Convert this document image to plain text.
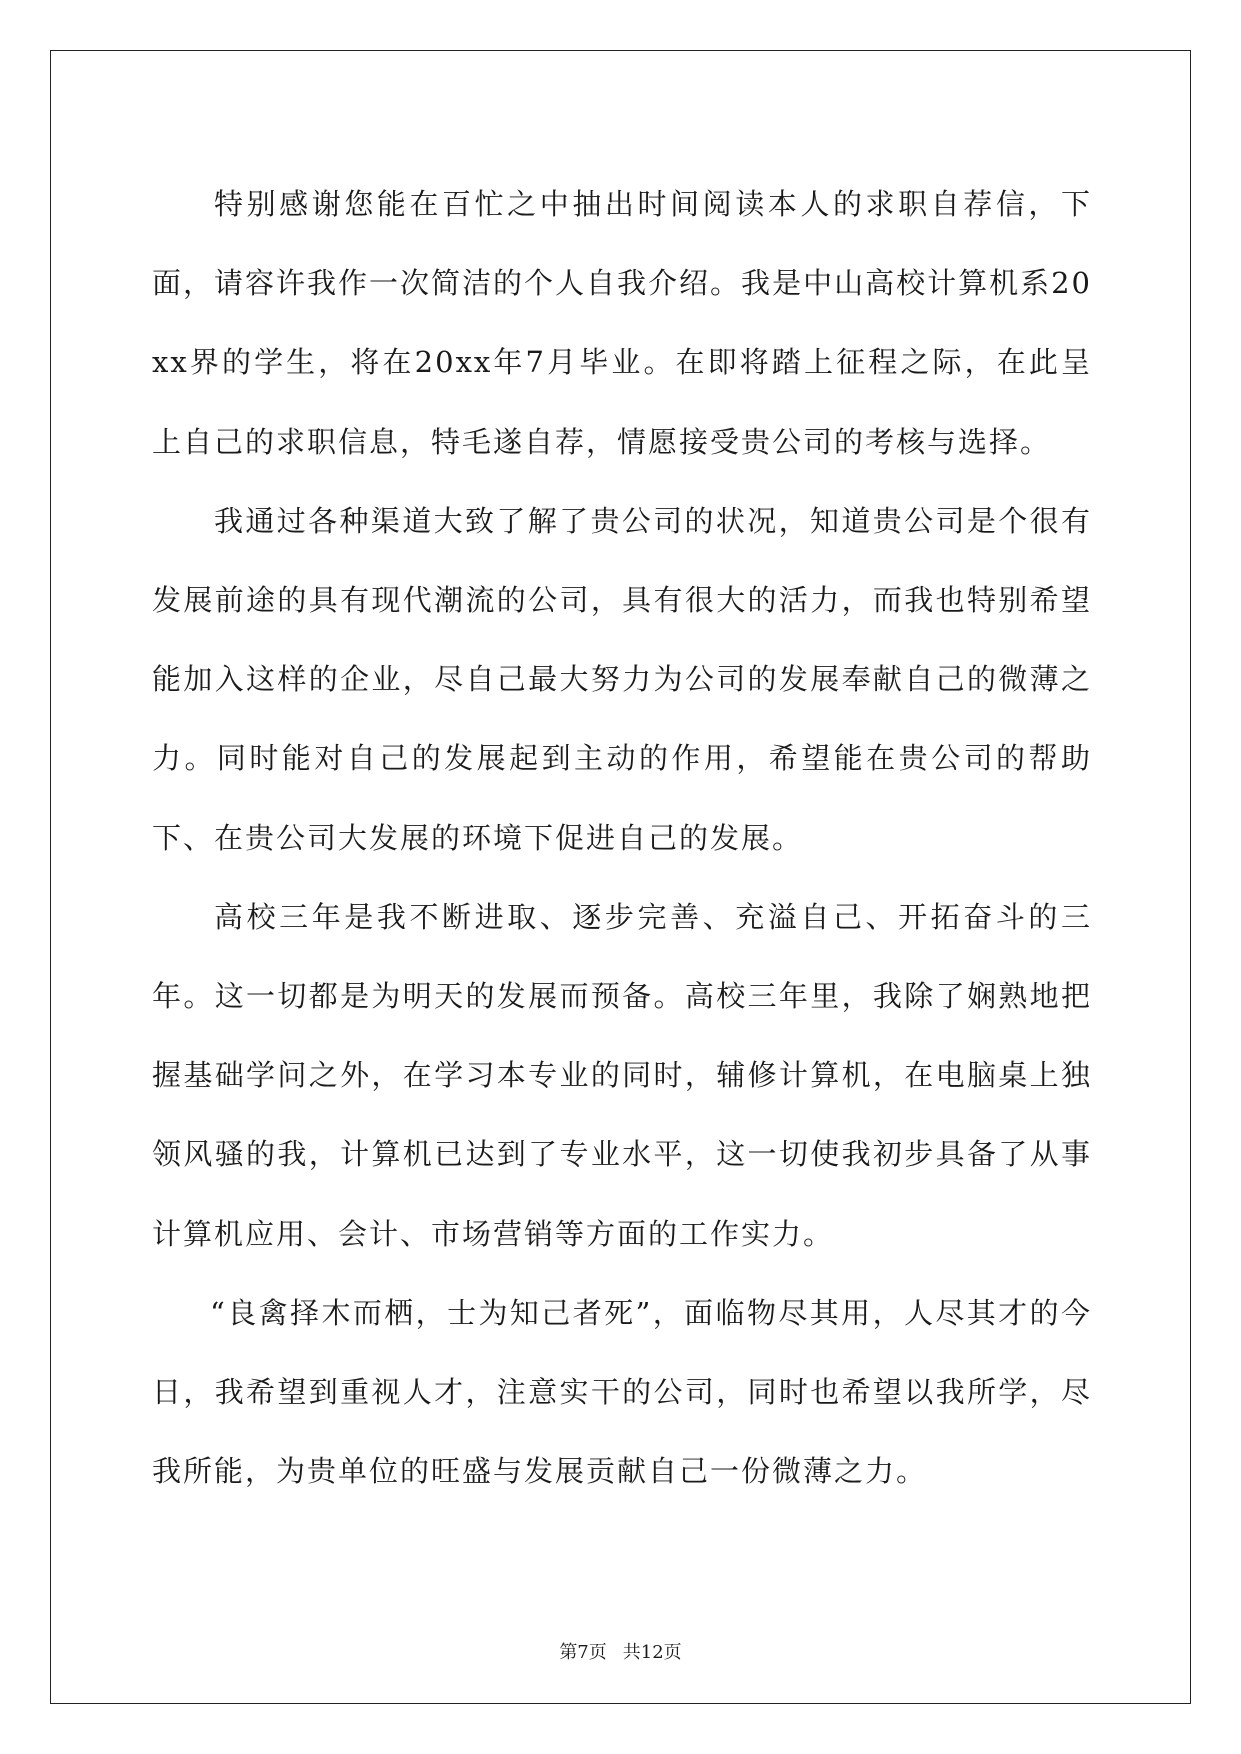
特别感谢您能在百忙之中抽出时间阅读本人的求职自荐信，下面，请容许我作一次简洁的个人自我介绍。我是中山高校计算机系20xx界的学生，将在20xx年7月毕业。在即将踏上征程之际，在此呈上自己的求职信息，特毛遂自荐，情愿接受贵公司的考核与选择。

我通过各种渠道大致了解了贵公司的状况，知道贵公司是个很有发展前途的具有现代潮流的公司，具有很大的活力，而我也特别希望能加入这样的企业，尽自己最大努力为公司的发展奉献自己的微薄之力。同时能对自己的发展起到主动的作用，希望能在贵公司的帮助下、在贵公司大发展的环境下促进自己的发展。

高校三年是我不断进取、逐步完善、充溢自己、开拓奋斗的三年。这一切都是为明天的发展而预备。高校三年里，我除了娴熟地把握基础学问之外，在学习本专业的同时，辅修计算机，在电脑桌上独领风骚的我，计算机已达到了专业水平，这一切使我初步具备了从事计算机应用、会计、市场营销等方面的工作实力。

“良禽择木而栖，士为知己者死”，面临物尽其用，人尽其才的今日，我希望到重视人才，注意实干的公司，同时也希望以我所学，尽我所能，为贵单位的旺盛与发展贡献自己一份微薄之力。

第7页 共12页
